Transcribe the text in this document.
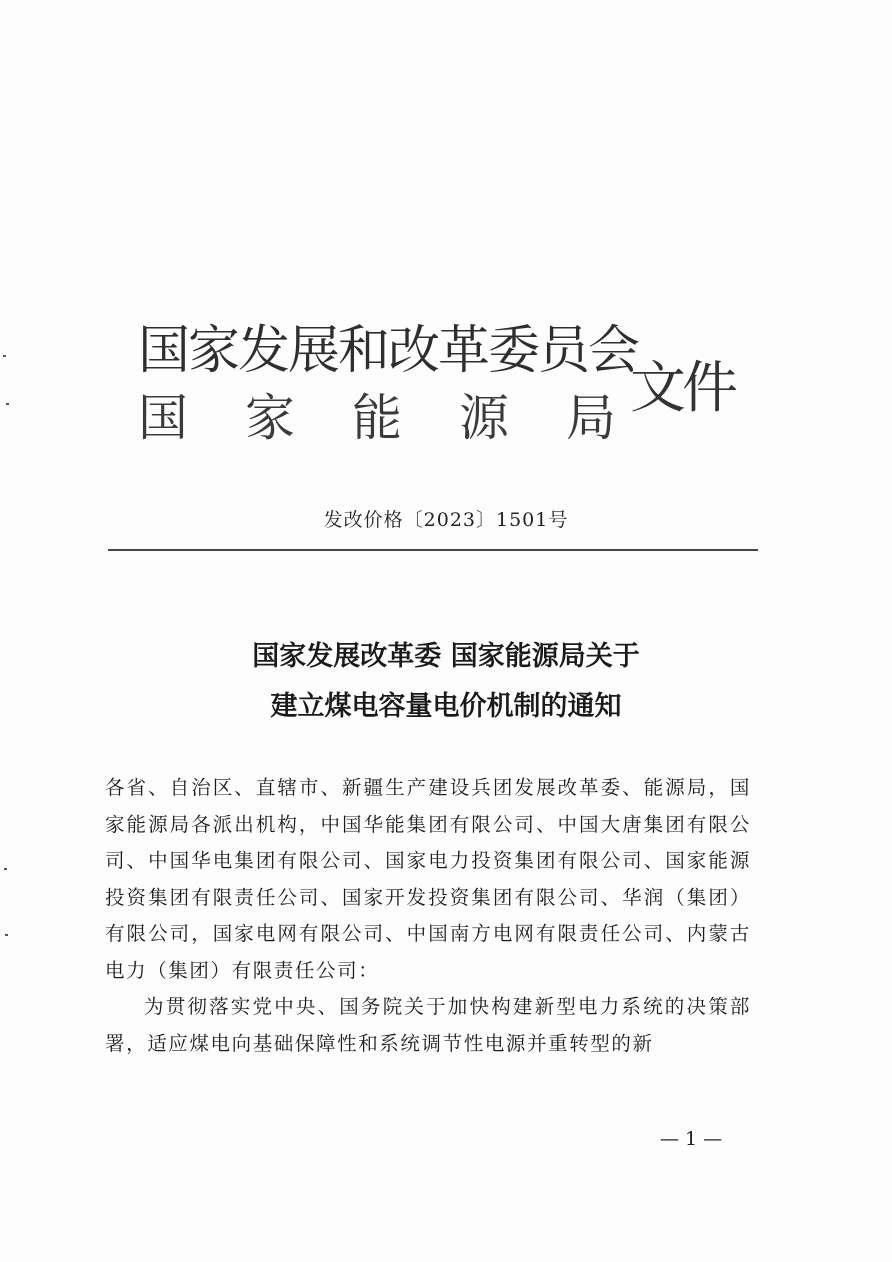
国家发展和改革委员会
国 家 能 源 局 文件
发改价格〔2023〕1501号
国家发展改革委 国家能源局关于
建立煤电容量电价机制的通知

各省、自治区、直辖市、新疆生产建设兵团发展改革委、能源局，国家能源局各派出机构，中国华能集团有限公司、中国大唐集团有限公司、中国华电集团有限公司、国家电力投资集团有限公司、国家能源投资集团有限责任公司、国家开发投资集团有限公司、华润（集团）有限公司，国家电网有限公司、中国南方电网有限责任公司、内蒙古电力（集团）有限责任公司：

为贯彻落实党中央、国务院关于加快构建新型电力系统的决策部署，适应煤电向基础保障性和系统调节性电源并重转型的新

— 1 —
